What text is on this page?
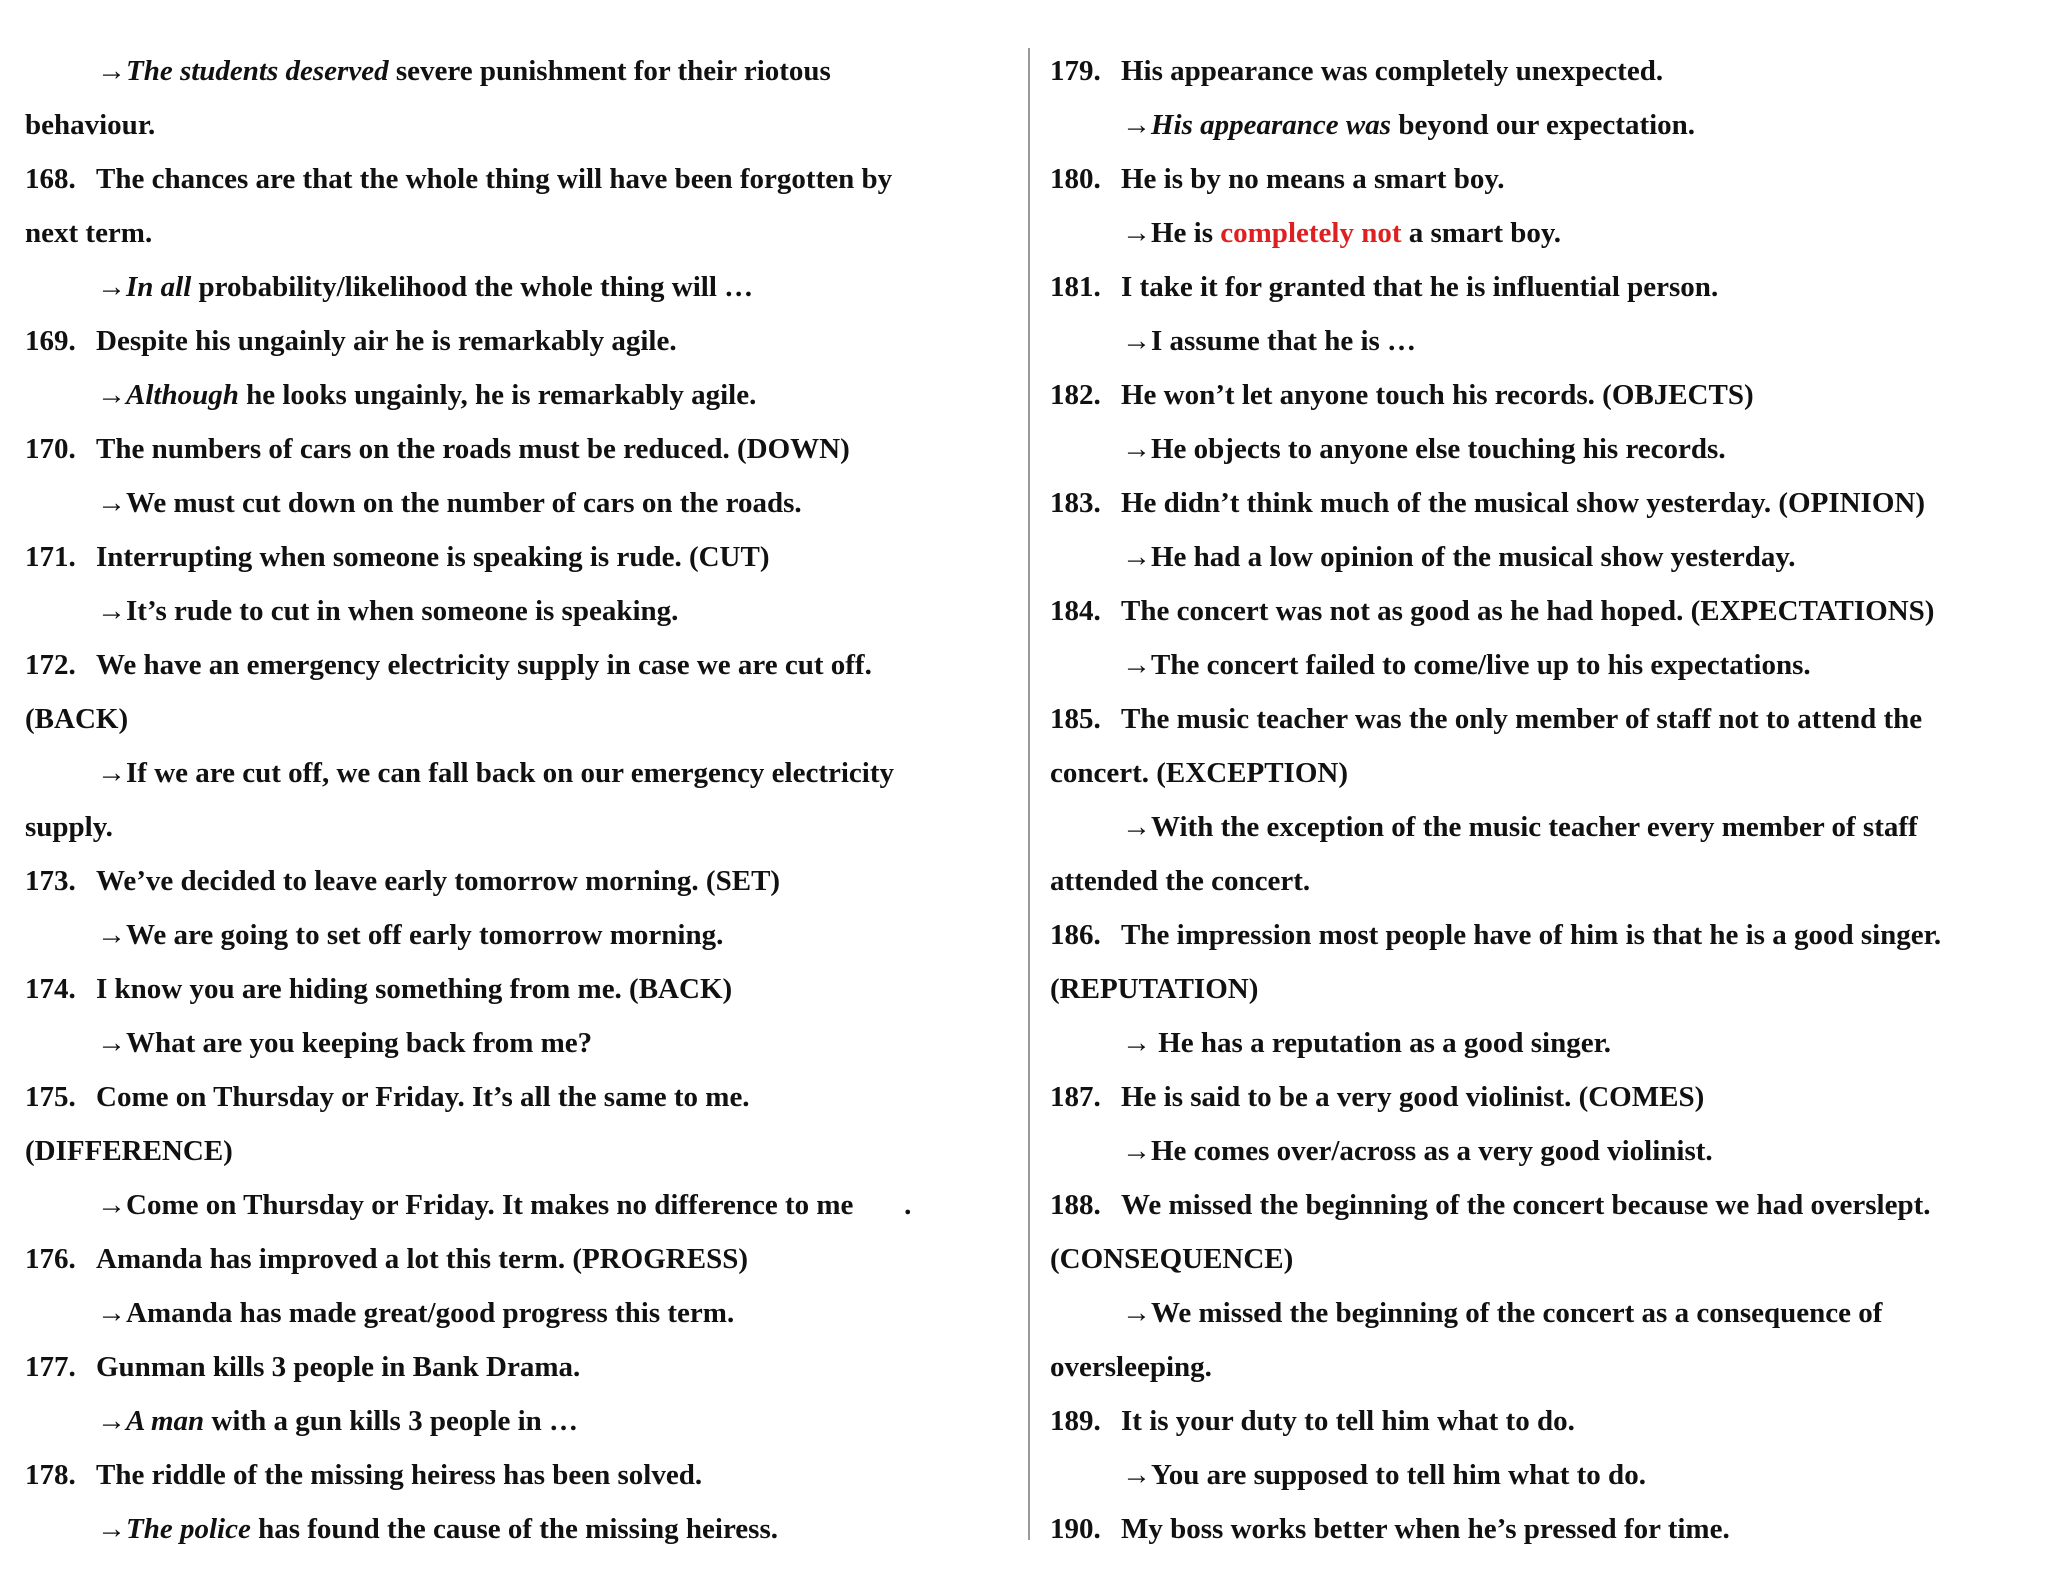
→The students deserved severe punishment for their riotous
behaviour.
168. The chances are that the whole thing will have been forgotten by
next term.
→In all probability/likelihood the whole thing will …
169. Despite his ungainly air he is remarkably agile.
→Although he looks ungainly, he is remarkably agile.
170. The numbers of cars on the roads must be reduced. (DOWN)
→We must cut down on the number of cars on the roads.
171. Interrupting when someone is speaking is rude. (CUT)
→It’s rude to cut in when someone is speaking.
172. We have an emergency electricity supply in case we are cut off.
(BACK)
→If we are cut off, we can fall back on our emergency electricity
supply.
173. We’ve decided to leave early tomorrow morning. (SET)
→We are going to set off early tomorrow morning.
174. I know you are hiding something from me. (BACK)
→What are you keeping back from me?
175. Come on Thursday or Friday. It’s all the same to me.
(DIFFERENCE)
→Come on Thursday or Friday. It makes no difference to me       .
176. Amanda has improved a lot this term. (PROGRESS)
→Amanda has made great/good progress this term.
177. Gunman kills 3 people in Bank Drama.
→A man with a gun kills 3 people in …
178. The riddle of the missing heiress has been solved.
→The police has found the cause of the missing heiress.
179. His appearance was completely unexpected.
→His appearance was beyond our expectation.
180. He is by no means a smart boy.
→He is completely not a smart boy.
181. I take it for granted that he is influential person.
→I assume that he is …
182. He won’t let anyone touch his records. (OBJECTS)
→He objects to anyone else touching his records.
183. He didn’t think much of the musical show yesterday. (OPINION)
→He had a low opinion of the musical show yesterday.
184. The concert was not as good as he had hoped. (EXPECTATIONS)
→The concert failed to come/live up to his expectations.
185. The music teacher was the only member of staff not to attend the
concert. (EXCEPTION)
→With the exception of the music teacher every member of staff
attended the concert.
186. The impression most people have of him is that he is a good singer.
(REPUTATION)
→ He has a reputation as a good singer.
187. He is said to be a very good violinist. (COMES)
→He comes over/across as a very good violinist.
188. We missed the beginning of the concert because we had overslept.
(CONSEQUENCE)
→We missed the beginning of the concert as a consequence of
oversleeping.
189. It is your duty to tell him what to do.
→You are supposed to tell him what to do.
190. My boss works better when he’s pressed for time.
